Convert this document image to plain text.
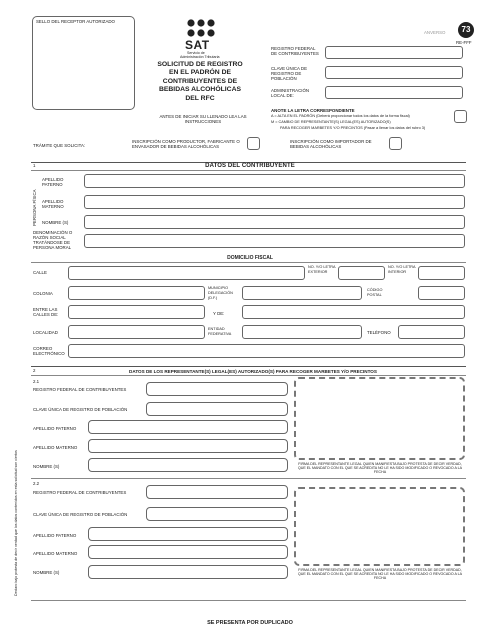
SELLO DEL RECEPTOR AUTORIZADO
ANVERSO	73
RE-FFF
SAT
Servicio de
Administración Tributaria
SOLICITUD DE REGISTRO
EN EL PADRÓN DE
CONTRIBUYENTES DE
BEBIDAS ALCOHÓLICAS
DEL RFC
ANTES DE INICIAR SU LLENADO LEA LAS INSTRUCCIONES
REGISTRO FEDERAL DE CONTRIBUYENTES
CLAVE ÚNICA DE REGISTRO DE POBLACIÓN
ADMINISTRACIÓN LOCAL DE:
ANOTE LA LETRA CORRESPONDIENTE
A = ALTA EN EL PADRÓN (Deberá proporcionar todos los datos de la forma fiscal)
M = CAMBIO DE REPRESENTANTE(S) LEGAL(ES) AUTORIZADO(S)
PARA RECOGER MARBETES Y/O PRECINTOS (Pasar a llenar los datos del rubro 3)
TRÁMITE QUE SOLICITA:
INSCRIPCIÓN COMO PRODUCTOR, FABRICANTE O ENVASADOR DE BEBIDAS ALCOHÓLICAS
INSCRIPCIÓN COMO IMPORTADOR DE BEBIDAS ALCOHÓLICAS
1	DATOS DEL CONTRIBUYENTE
PERSONA FÍSICA
APELLIDO PATERNO
APELLIDO MATERNO
NOMBRE (S)
DENOMINACIÓN O RAZÓN SOCIAL TRATÁNDOSE DE PERSONA MORAL
DOMICILIO FISCAL
CALLE
NO. Y/O LETRA EXTERIOR
NO. Y/O LETRA INTERIOR
COLONIA
MUNICIPIO DELEGACIÓN (D.F.)
CÓDIGO POSTAL
ENTRE LAS CALLES DE:	Y DE:
LOCALIDAD
ENTIDAD FEDERATIVA	TELÉFONO
CORREO ELECTRÓNICO
2	DATOS DE LOS REPRESENTANTE(S) LEGAL(ES) AUTORIZADO(S) PARA RECOGER MARBETES Y/O PRECINTOS
2.1
REGISTRO FEDERAL DE CONTRIBUYENTES
CLAVE ÚNICA DE REGISTRO DE POBLACIÓN
APELLIDO PATERNO
APELLIDO MATERNO
NOMBRE (S)	FIRMA DEL REPRESENTANTE LEGAL QUIEN MANIFIESTA BAJO PROTESTA DE DECIR VERDAD, QUE EL MANDATO CON EL QUE SE ACREDITA NO LE HA SIDO MODIFICADO O REVOCADO A LA FECHA
2.2
REGISTRO FEDERAL DE CONTRIBUYENTES
CLAVE ÚNICA DE REGISTRO DE POBLACIÓN
APELLIDO PATERNO
APELLIDO MATERNO
NOMBRE (S)	FIRMA DEL REPRESENTANTE LEGAL QUIEN MANIFIESTA BAJO PROTESTA DE DECIR VERDAD, QUE EL MANDATO CON EL QUE SE ACREDITA NO LE HA SIDO MODIFICADO O REVOCADO A LA FECHA
Declaro bajo protesta de decir verdad que los datos contenidos en esta solicitud son ciertos
SE PRESENTA POR DUPLICADO
